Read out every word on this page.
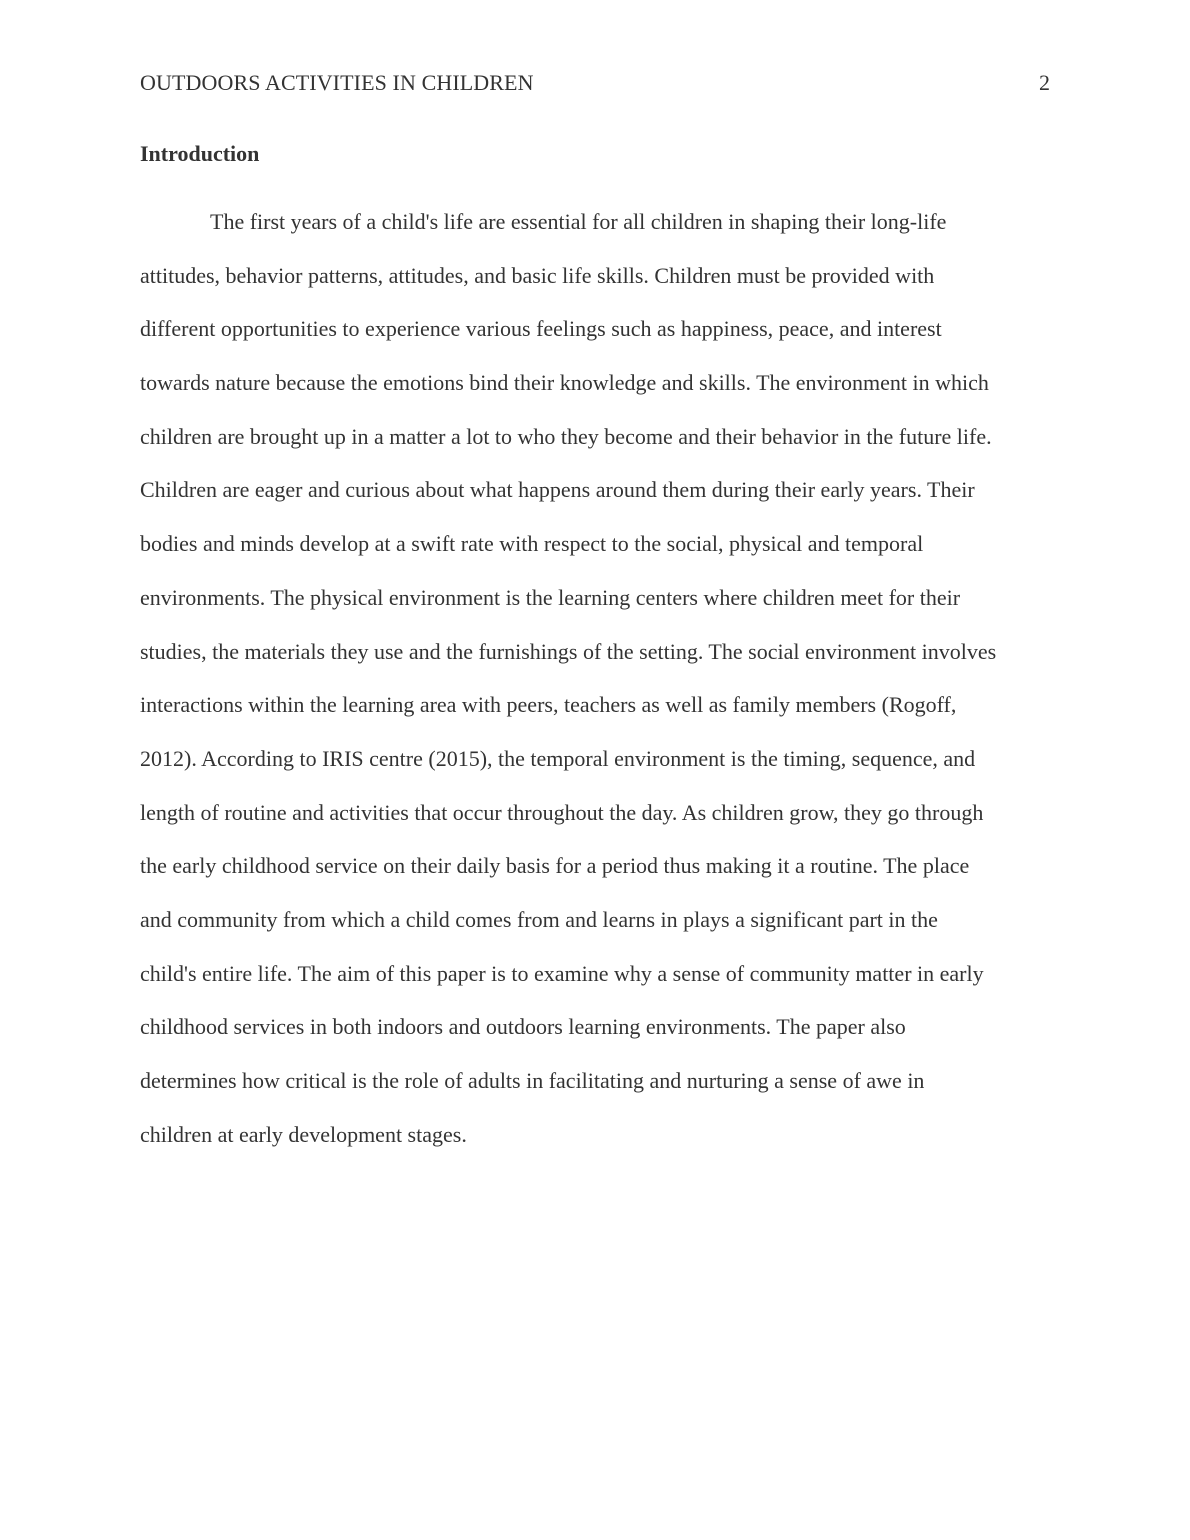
OUTDOORS ACTIVITIES IN CHILDREN	2
Introduction
The first years of a child's life are essential for all children in shaping their long-life
attitudes, behavior patterns, attitudes, and basic life skills. Children must be provided with
different opportunities to experience various feelings such as happiness, peace, and interest
towards nature because the emotions bind their knowledge and skills. The environment in which
children are brought up in a matter a lot to who they become and their behavior in the future life.
Children are eager and curious about what happens around them during their early years. Their
bodies and minds develop at a swift rate with respect to the social, physical and temporal
environments. The physical environment is the learning centers where children meet for their
studies, the materials they use and the furnishings of the setting. The social environment involves
interactions within the learning area with peers, teachers as well as family members (Rogoff,
2012). According to IRIS centre (2015), the temporal environment is the timing, sequence, and
length of routine and activities that occur throughout the day. As children grow, they go through
the early childhood service on their daily basis for a period thus making it a routine. The place
and community from which a child comes from and learns in plays a significant part in the
child's entire life. The aim of this paper is to examine why a sense of community matter in early
childhood services in both indoors and outdoors learning environments. The paper also
determines how critical is the role of adults in facilitating and nurturing a sense of awe in
children at early development stages.
